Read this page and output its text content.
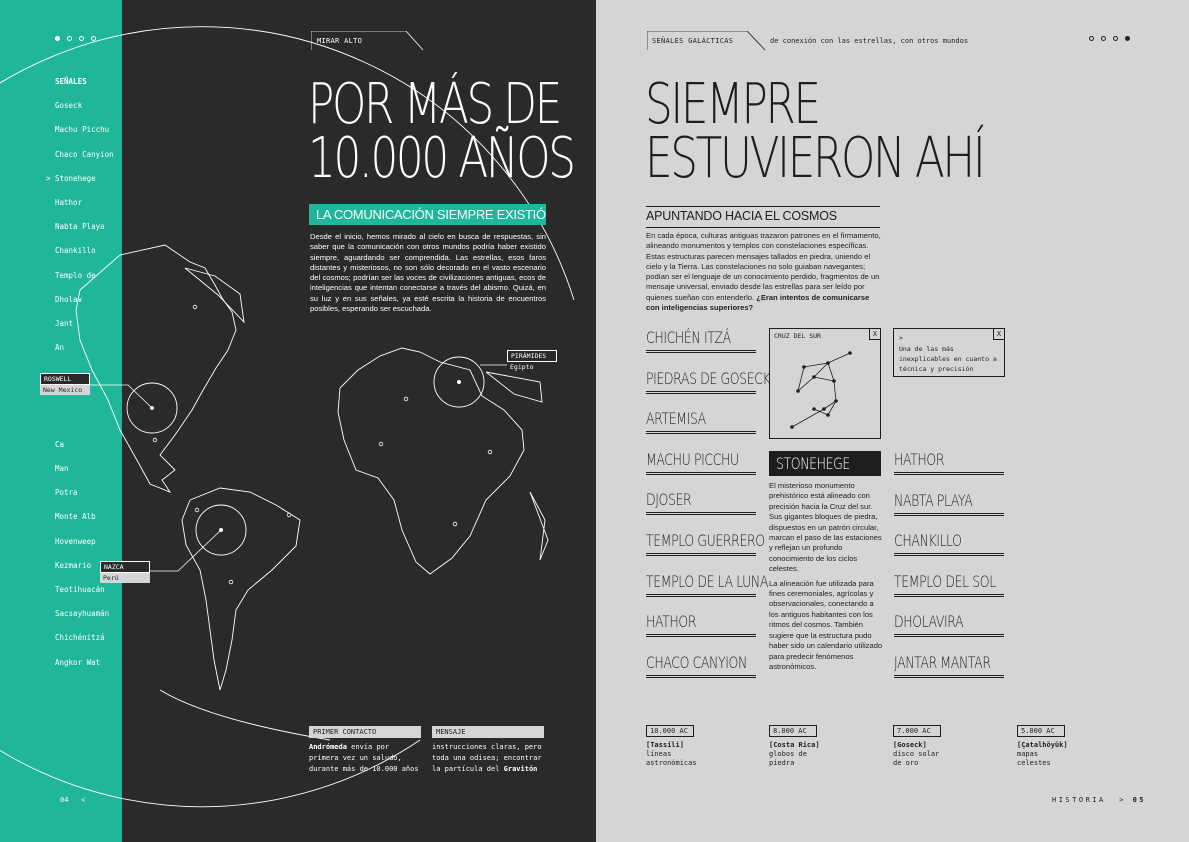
SEÑALES
Goseck
Machu Picchu
Chaco Canyion
> Stonehege
Hathor
Nabta Playa
Chankillo
Templo de
Dholav
Jant
An
Ca
Man
Potra
Monte Alb
Hovenweep
Kezmario
Teotihuacán
Sacsayhuamán
Chichénitzá
Angkor Wat
MIRAR ALTO
POR MÁS DE
10.000 AÑOS
LA COMUNICACIÓN SIEMPRE EXISTIÓ
Desde el inicio, hemos mirado al cielo en busca de respuestas, sin saber que la comunicación con otros mundos podría haber existido siempre, aguardando ser comprendida. Las estrellas, esos faros distantes y misteriosos, no son sólo decorado en el vasto escenario del cosmos; podrían ser las voces de civilizaciones antiguas, ecos de inteligencias que intentan conectarse a través del abismo. Quizá, en su luz y en sus señales, ya esté escrita la historia de encuentros posibles, esperando ser escuchada.
ROSWELL
New Mexico
PIRÁMIDES
Egipto
NAZCA
Perú
PRIMER CONTACTO
Andrómeda envía por primera vez un saludo, durante más de 10.000 años
MENSAJE
instrucciones claras, pero toda una odisea; encontrar la partícula del Gravitón
04 <
SEÑALES GALÁCTICAS	de conexión con las estrellas, con otros mundos
SIEMPRE
ESTUVIERON AHÍ
APUNTANDO HACIA EL COSMOS
En cada época, culturas antiguas trazaron patrones en el firmamento, alineando monumentos y templos con constelaciones específicas. Estas estructuras parecen mensajes tallados en piedra, uniendo el cielo y la Tierra. Las constelaciones no solo guiaban navegantes; podían ser el lenguaje de un conocimiento perdido, fragmentos de un mensaje universal, enviado desde las estrellas para ser leído por quienes sueñan con entenderlo. ¿Eran intentos de comunicarse con inteligencias superiores?
CHICHÉN ITZÁ
PIEDRAS DE GOSECK
ARTEMISA
MACHU PICCHU
DJOSER
TEMPLO GUERRERO
TEMPLO DE LA LUNA
HATHOR
CHACO CANYION
HATHOR
NABTA PLAYA
CHANKILLO
TEMPLO DEL SOL
DHOLAVIRA
JANTAR MANTAR
CRUZ DEL SUR	X	X
>
Una de las más inexplicables en cuanto a técnica y precisión
STONEHEGE
El misterioso monumento prehistórico está alineado con precisión hacia la Cruz del sur. Sus gigantes bloques de piedra, dispuestos en un patrón circular, marcan el paso de las estaciones y reflejan un profundo conocimiento de los ciclos celestes.
La alineación fue utilizada para fines ceremoniales, agrícolas y observacionales, conectando a los antiguos habitantes con los ritmos del cosmos. También sugiere que la estructura pudo haber sido un calendario utilizado para predecir fenómenos astronómicos.
10.000 AC
[Tassili]
líneas
astronómicas
8.000 AC
[Costa Rica]
globos de
piedra
7.000 AC
[Goseck]
disco solar
de oro
5.000 AC
[Çatalhöyük]
mapas
celestes
HISTORIA > 05
